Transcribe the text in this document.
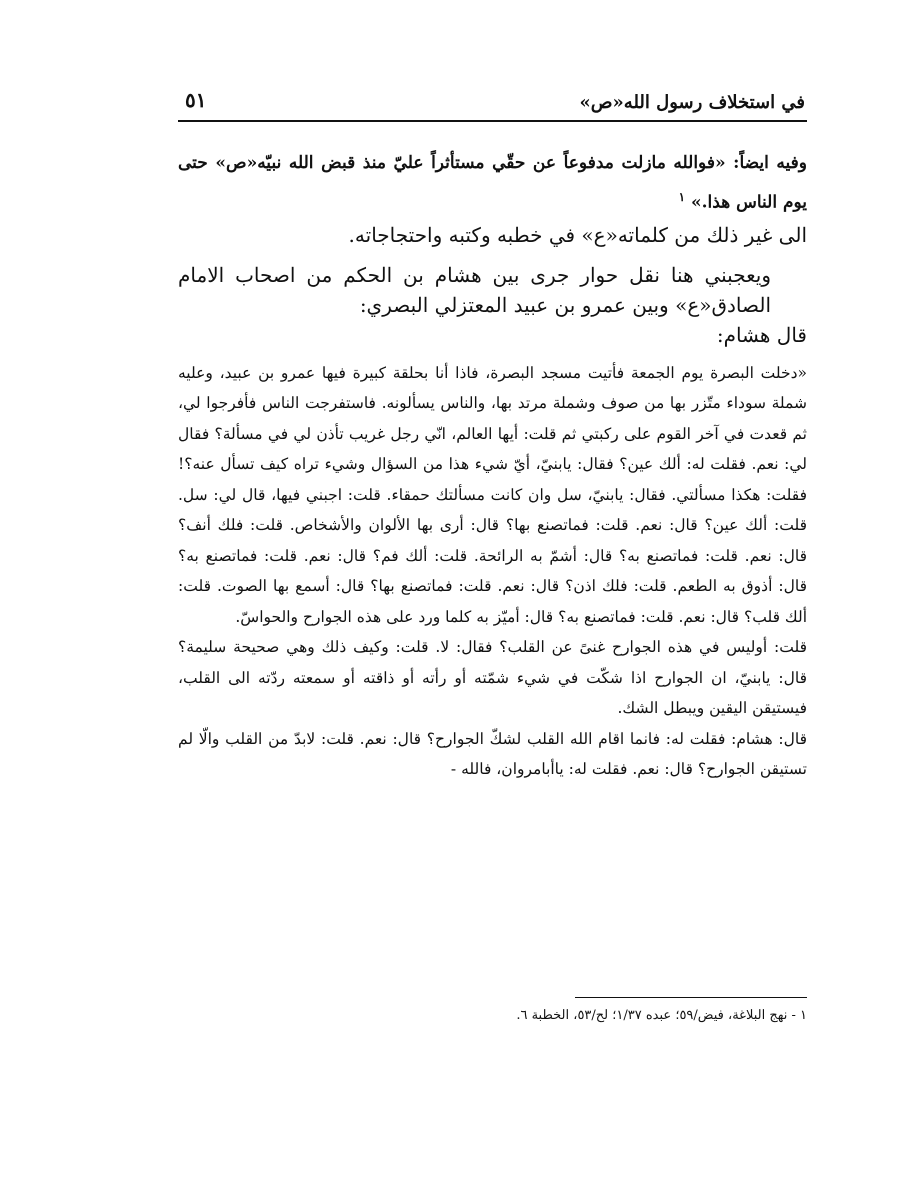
في استخلاف رسول الله«ص»
٥١

وفيه ايضاً: «فوالله مازلت مدفوعاً عن حقّي مستأثراً عليّ منذ قبض الله نبيّه«ص» حتى يوم الناس هذا.» $^١$

الى غير ذلك من كلماته«ع» في خطبه وكتبه واحتجاجاته.

ويعجبني هنا نقل حوار جرى بين هشام بن الحكم من اصحاب الامام الصادق«ع» وبين عمرو بن عبيد المعتزلي البصري:

قال هشام:

«دخلت البصرة يوم الجمعة فأتيت مسجد البصرة، فاذا أنا بحلقة كبيرة فيها عمرو بن عبيد، وعليه شملة سوداء متّزر بها من صوف وشملة مرتد بها، والناس يسألونه. فاستفرجت الناس فأفرجوا لي، ثم قعدت في آخر القوم على ركبتي ثم قلت: أيها العالم، انّي رجل غريب تأذن لي في مسألة؟ فقال لي: نعم. فقلت له: ألك عين؟ فقال: يابنيّ، أيّ شيء هذا من السؤال وشيء تراه كيف تسأل عنه؟! فقلت: هكذا مسألتي. فقال: يابنيّ، سل وان كانت مسألتك حمقاء. قلت: اجبني فيها، قال لي: سل. قلت: ألك عين؟ قال: نعم. قلت: فماتصنع بها؟ قال: أرى بها الألوان والأشخاص. قلت: فلك أنف؟ قال: نعم. قلت: فماتصنع به؟ قال: أشمّ به الرائحة. قلت: ألك فم؟ قال: نعم. قلت: فماتصنع به؟ قال: أذوق به الطعم. قلت: فلك اذن؟ قال: نعم. قلت: فماتصنع بها؟ قال: أسمع بها الصوت. قلت: ألك قلب؟ قال: نعم. قلت: فماتصنع به؟ قال: أميّز به كلما ورد على هذه الجوارح والحواسّ.

قلت: أوليس في هذه الجوارح غنىً عن القلب؟ فقال: لا. قلت: وكيف ذلك وهي صحيحة سليمة؟ قال: يابنيّ، ان الجوارح اذا شكّت في شيء شمّته أو رأته أو ذاقته أو سمعته ردّته الى القلب، فيستيقن اليقين ويبطل الشك.

قال: هشام: فقلت له: فانما اقام الله القلب لشكّ الجوارح؟ قال: نعم. قلت: لابدّ من القلب والّا لم تستيقن الجوارح؟ قال: نعم. فقلت له: ياأبامروان، فالله -

١ - نهج البلاغة، فيض/٥٩؛ عبده ١/٣٧؛ لح/٥٣، الخطبة ٦.
